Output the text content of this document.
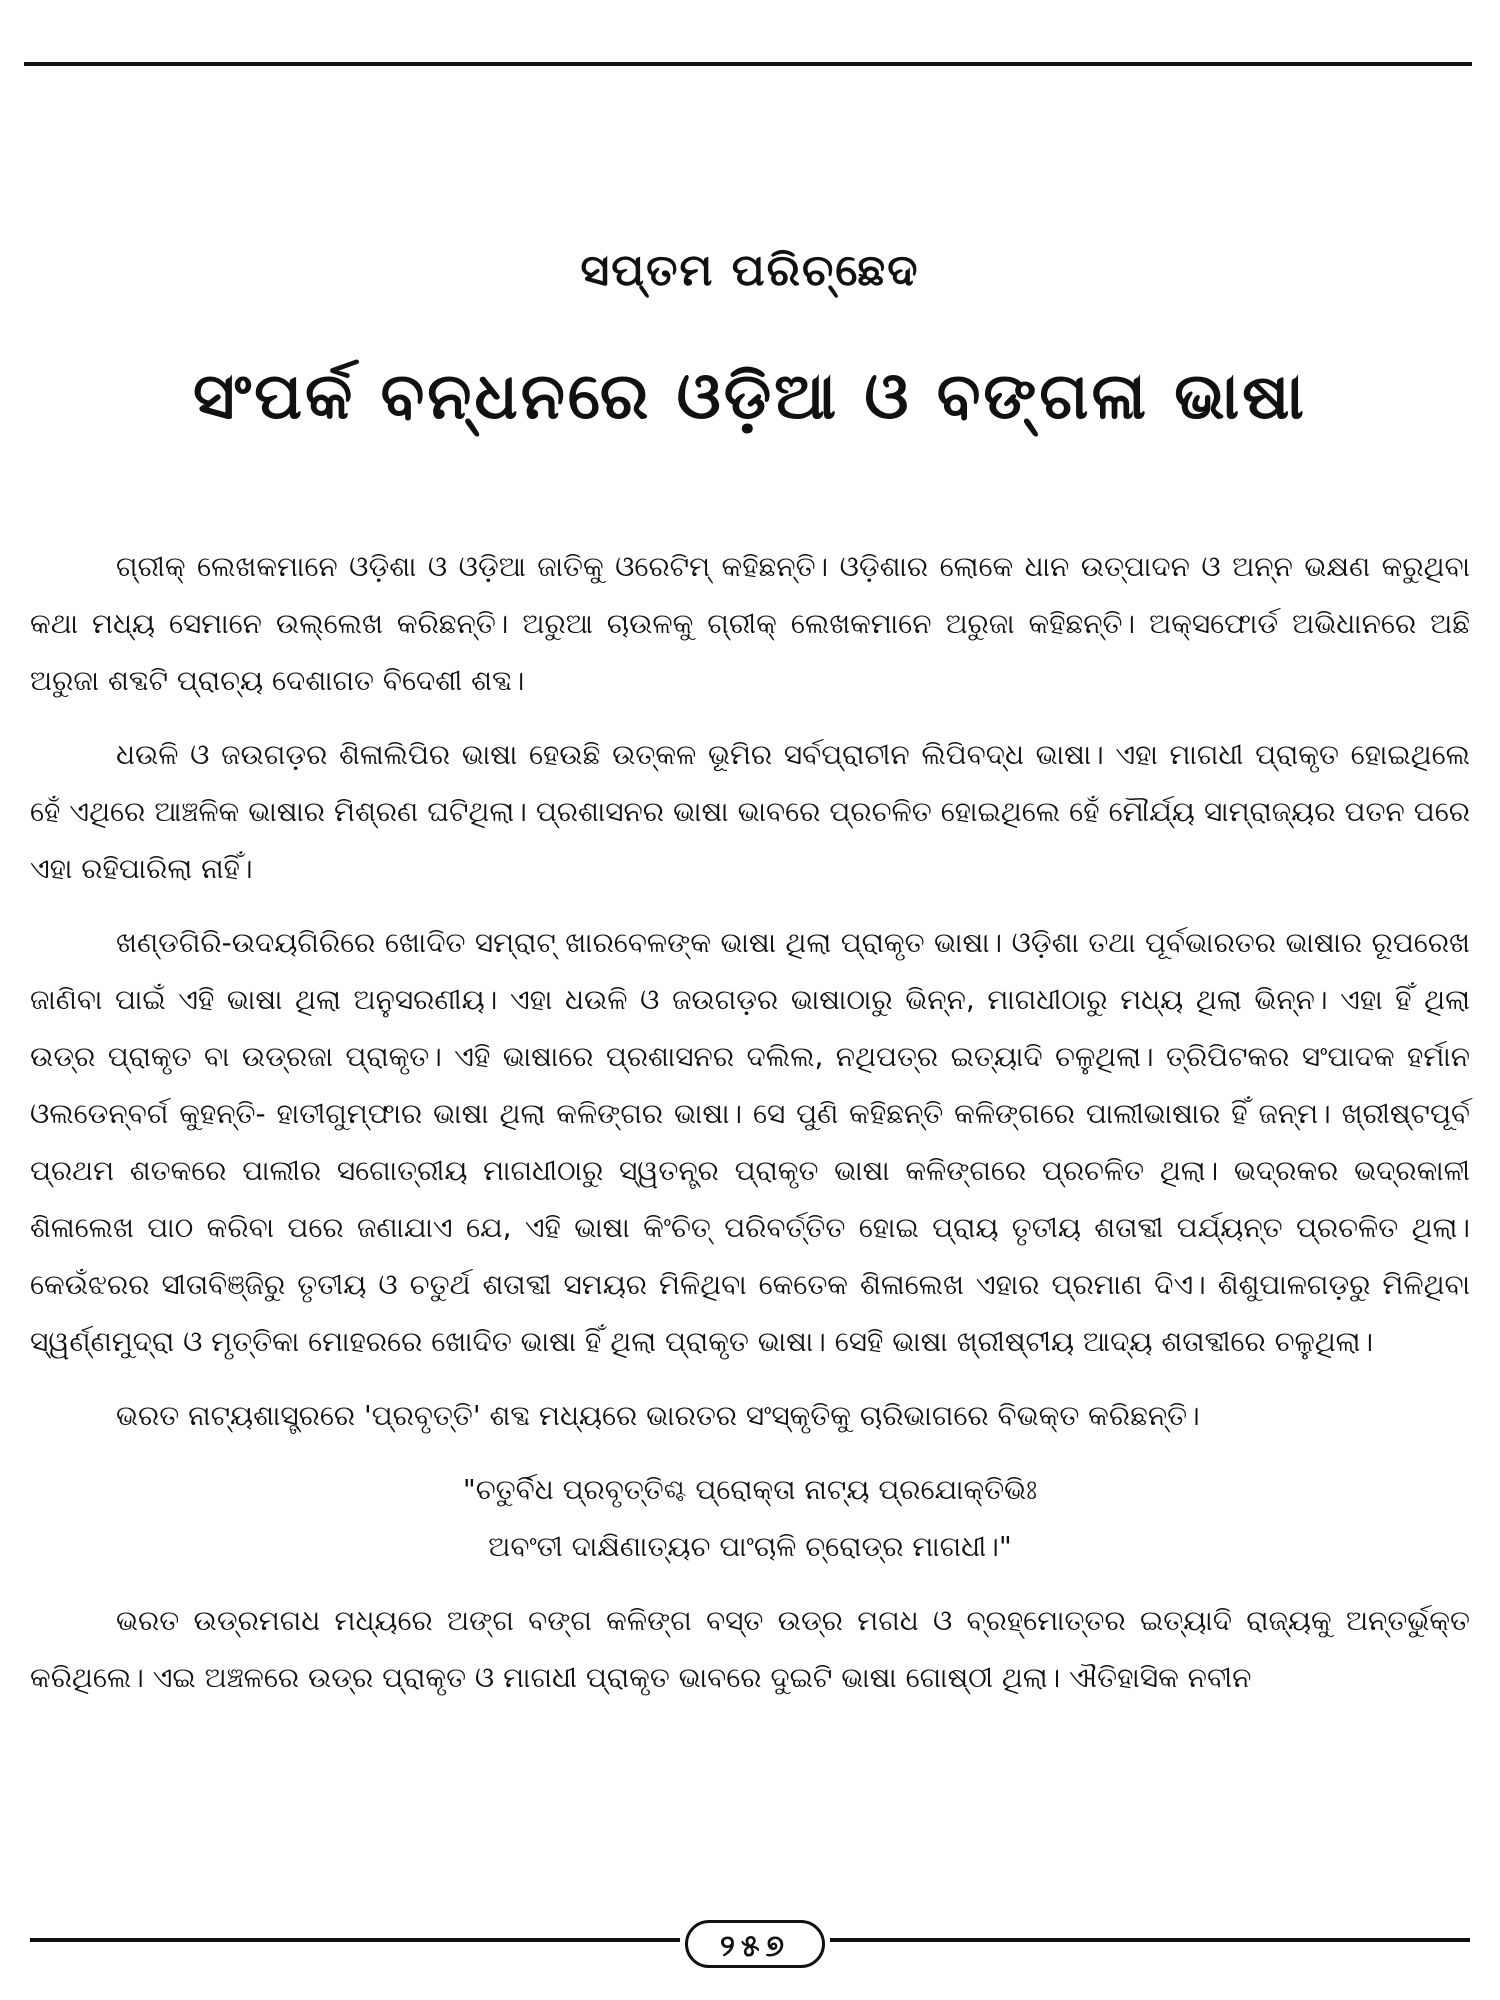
ସପ୍ତମ ପରିଚ୍ଛେଦ
ସଂପର୍କ ବନ୍ଧନରେ ଓଡ଼ିଆ ଓ ବଙ୍ଗଳା ଭାଷା

ଗ୍ରୀକ୍ ଲେଖକମାନେ ଓଡ଼ିଶା ଓ ଓଡ଼ିଆ ଜାତିକୁ ଓରେଟିମ୍ କହିଛନ୍ତି। ଓଡ଼ିଶାର ଲୋକେ ଧାନ ଉତ୍ପାଦନ ଓ ଅନ୍ନ ଭକ୍ଷଣ କରୁଥିବା କଥା ମଧ୍ୟ ସେମାନେ ଉଲ୍ଲେଖ କରିଛନ୍ତି। ଅରୁଆ ଚାଉଳକୁ ଗ୍ରୀକ୍ ଲେଖକମାନେ ଅରୁଜା କହିଛନ୍ତି। ଅକ୍ସଫୋର୍ଡ ଅଭିଧାନରେ ଅଛି ଅରୁଜା ଶବ୍ଦଟି ପ୍ରାଚ୍ୟ ଦେଶାଗତ ବିଦେଶୀ ଶବ୍ଦ।

ଧଉଳି ଓ ଜଉଗଡ଼ର ଶିଳାଲିପିର ଭାଷା ହେଉଛି ଉତ୍କଳ ଭୂମିର ସର୍ବପ୍ରାଚୀନ ଲିପିବଦ୍ଧ ଭାଷା। ଏହା ମାଗଧୀ ପ୍ରାକୃତ ହୋଇଥିଲେ ହେଁ ଏଥିରେ ଆଞ୍ଚଳିକ ଭାଷାର ମିଶ୍ରଣ ଘଟିଥିଲା। ପ୍ରଶାସନର ଭାଷା ଭାବରେ ପ୍ରଚଳିତ ହୋଇଥିଲେ ହେଁ ମୌର୍ଯ୍ୟ ସାମ୍ରାଜ୍ୟର ପତନ ପରେ ଏହା ରହିପାରିଲା ନାହିଁ।

ଖଣ୍ଡଗିରି-ଉଦୟଗିରିରେ ଖୋଦିତ ସମ୍ରାଟ୍ ଖାରବେଳଙ୍କ ଭାଷା ଥିଲା ପ୍ରାକୃତ ଭାଷା। ଓଡ଼ିଶା ତଥା ପୂର୍ବଭାରତର ଭାଷାର ରୂପରେଖ ଜାଣିବା ପାଇଁ ଏହି ଭାଷା ଥିଲା ଅନୁସରଣୀୟ। ଏହା ଧଉଳି ଓ ଜଉଗଡ଼ର ଭାଷାଠାରୁ ଭିନ୍ନ, ମାଗଧୀଠାରୁ ମଧ୍ୟ ଥିଲା ଭିନ୍ନ। ଏହା ହିଁ ଥିଲା ଉଡ୍ର ପ୍ରାକୃତ ବା ଉଡ୍ରଜା ପ୍ରାକୃତ। ଏହି ଭାଷାରେ ପ୍ରଶାସନର ଦଲିଲ, ନଥିପତ୍ର ଇତ୍ୟାଦି ଚଳୁଥିଲା। ତ୍ରିପିଟକର ସଂପାଦକ ହର୍ମାନ ଓଲଡେନ୍‌ବର୍ଗ କୁହନ୍ତି- ହାତୀଗୁମ୍ଫାର ଭାଷା ଥିଲା କଳିଙ୍ଗର ଭାଷା। ସେ ପୁଣି କହିଛନ୍ତି କଳିଙ୍ଗରେ ପାଲୀଭାଷାର ହିଁ ଜନ୍ମ। ଖ୍ରୀଷ୍ଟପୂର୍ବ ପ୍ରଥମ ଶତକରେ ପାଲୀର ସଗୋତ୍ରୀୟ ମାଗଧୀଠାରୁ ସ୍ୱତନ୍ତ୍ର ପ୍ରାକୃତ ଭାଷା କଳିଙ୍ଗରେ ପ୍ରଚଳିତ ଥିଲା। ଭଦ୍ରକର ଭଦ୍ରକାଳୀ ଶିଳାଲେଖ ପାଠ କରିବା ପରେ ଜଣାଯାଏ ଯେ, ଏହି ଭାଷା କିଂଚିତ୍ ପରିବର୍ତ୍ତିତ ହୋଇ ପ୍ରାୟ ତୃତୀୟ ଶତାବ୍ଦୀ ପର୍ଯ୍ୟନ୍ତ ପ୍ରଚଳିତ ଥିଲା। କେଉଁଝରର ସୀତାବିଞ୍ଜିରୁ ତୃତୀୟ ଓ ଚତୁର୍ଥ ଶତାବ୍ଦୀ ସମୟର ମିଳିଥିବା କେତେକ ଶିଳାଲେଖ ଏହାର ପ୍ରମାଣ ଦିଏ। ଶିଶୁପାଳଗଡ଼ରୁ ମିଳିଥିବା ସ୍ୱର୍ଣ୍ଣମୁଦ୍ରା ଓ ମୃତ୍ତିକା ମୋହରରେ ଖୋଦିତ ଭାଷା ହିଁ ଥିଲା ପ୍ରାକୃତ ଭାଷା। ସେହି ଭାଷା ଖ୍ରୀଷ୍ଟୀୟ ଆଦ୍ୟ ଶତାବ୍ଦୀରେ ଚଳୁଥିଲା।

ଭରତ ନାଟ୍ୟଶାସ୍ତ୍ରରେ 'ପ୍ରବୃତ୍ତି' ଶବ୍ଦ ମଧ୍ୟରେ ଭାରତର ସଂସ୍କୃତିକୁ ଚାରିଭାଗରେ ବିଭକ୍ତ କରିଛନ୍ତି।

"ଚତୁର୍ବିଧ ପ୍ରବୃତ୍ତିଶ୍ଚ ପ୍ରୋକ୍ତା ନାଟ୍ୟ ପ୍ରଯୋକ୍ତିଭିଃ
ଅବଂତୀ ଦାକ୍ଷିଣାତ୍ୟଚ ପାଂଚାଳି ଚ୍ରୋଡ୍ର ମାଗଧୀ।"

ଭରତ ଉଡ୍ରମଗଧ ମଧ୍ୟରେ ଅଙ୍ଗ ବଙ୍ଗ କଳିଙ୍ଗ ବସ୍ତ ଉଡ୍ର ମଗଧ ଓ ବ୍ରହ୍ମୋତ୍ତର ଇତ୍ୟାଦି ରାଜ୍ୟକୁ ଅନ୍ତର୍ଭୁକ୍ତ କରିଥିଲେ। ଏଇ ଅଞ୍ଚଳରେ ଉଡ୍ର ପ୍ରାକୃତ ଓ ମାଗଧୀ ପ୍ରାକୃତ ଭାବରେ ଦୁଇଟି ଭାଷା ଗୋଷ୍ଠୀ ଥିଲା। ଐତିହାସିକ ନବୀନ

୨୫୭
